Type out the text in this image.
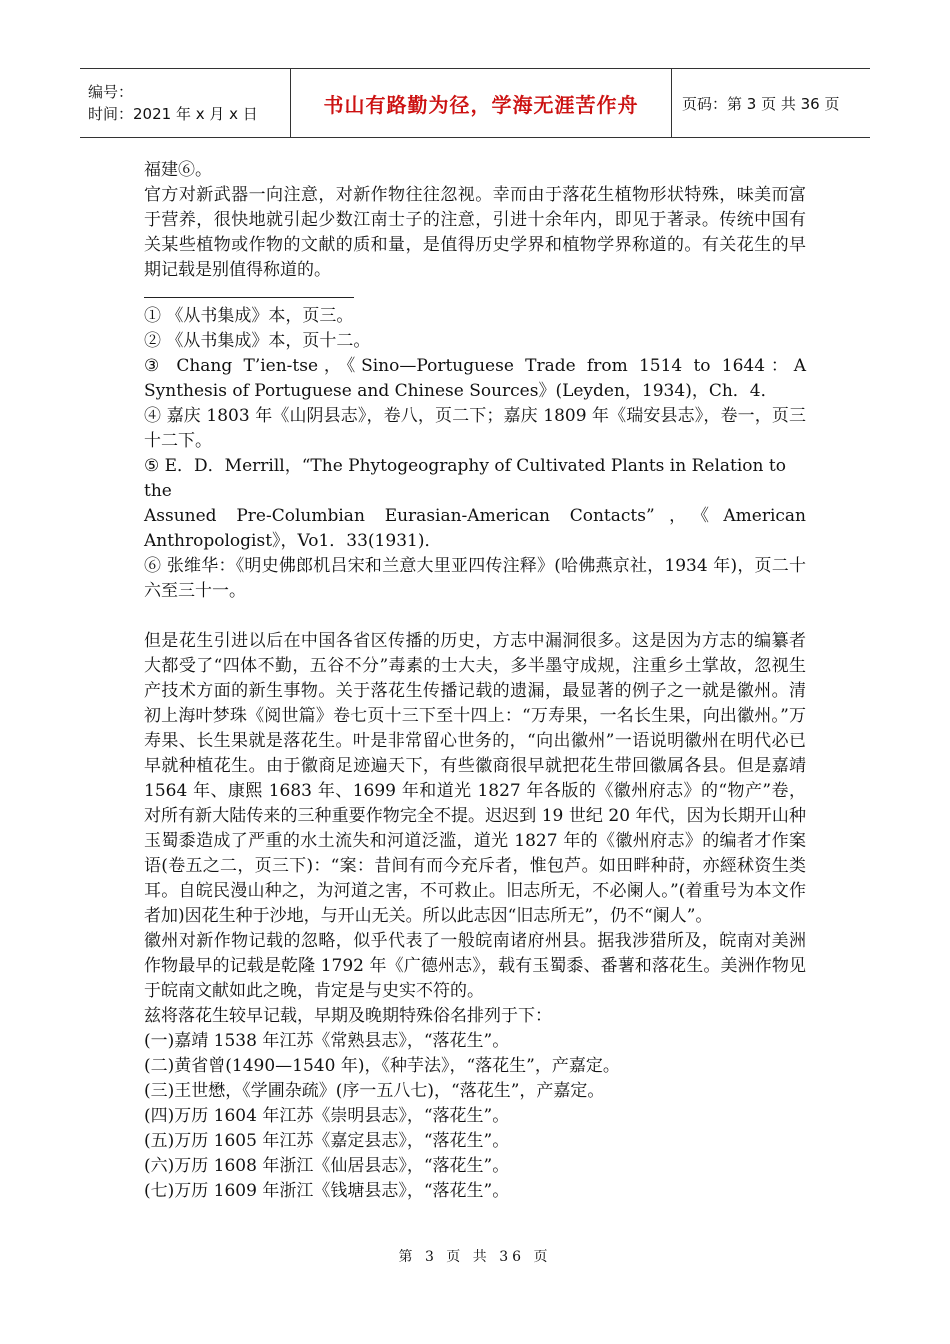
编号：
时间：2021 年 x 月 x 日	书山有路勤为径，学海无涯苦作舟	页码：第 3 页 共 36 页

福建⑥。

官方对新武器一向注意，对新作物往往忽视。幸而由于落花生植物形状特殊，味美而富于营养，很快地就引起少数江南士子的注意，引进十余年内，即见于著录。传统中国有关某些植物或作物的文献的质和量，是值得历史学界和植物学界称道的。有关花生的早期记载是别值得称道的。

① 《从书集成》本，页三。

② 《从书集成》本，页十二。

③ Chang T’ien-tse，《Sino—Portuguese Trade from 1514 to 1644：A Synthesis of Portuguese and Chinese Sources》(Leyden，1934)，Ch．4．

④ 嘉庆 1803 年《山阴县志》，卷八，页二下；嘉庆 1809 年《瑞安县志》，卷一，页三十二下。

⑤ E．D．Merrill，“The Phytogeography of Cultivated Plants in Relation to the

Assuned Pre-Columbian Eurasian-American Contacts”，《American

Anthropologist》，Vo1．33(1931)．

⑥ 张维华：《明史佛郎机吕宋和兰意大里亚四传注释》(哈佛燕京社，1934 年)，页二十六至三十一。

但是花生引进以后在中国各省区传播的历史，方志中漏洞很多。这是因为方志的编纂者大都受了“四体不勤，五谷不分”毒素的士大夫，多半墨守成规，注重乡土掌故，忽视生产技术方面的新生事物。关于落花生传播记载的遗漏，最显著的例子之一就是徽州。清初上海叶梦珠《阅世篇》卷七页十三下至十四上：“万寿果，一名长生果，向出徽州。”万寿果、长生果就是落花生。叶是非常留心世务的，“向出徽州”一语说明徽州在明代必已早就种植花生。由于徽商足迹遍天下，有些徽商很早就把花生带回徽属各县。但是嘉靖 1564 年、康熙 1683 年、1699 年和道光 1827 年各版的《徽州府志》的“物产”卷，对所有新大陆传来的三种重要作物完全不提。迟迟到 19 世纪 20 年代，因为长期开山种玉蜀黍造成了严重的水土流失和河道泛滥，道光 1827 年的《徽州府志》的编者才作案语(卷五之二，页三下)：“案：昔间有而今充斥者，惟包芦。如田畔种莳，亦經秫资生类耳。自皖民漫山种之，为河道之害，不可救止。旧志所无，不必阑人。”(着重号为本文作者加)因花生种于沙地，与开山无关。所以此志因“旧志所无”，仍不“阑人”。

徽州对新作物记载的忽略，似乎代表了一般皖南诸府州县。据我涉猎所及，皖南对美洲作物最早的记载是乾隆 1792 年《广德州志》，载有玉蜀黍、番薯和落花生。美洲作物见于皖南文献如此之晚，肯定是与史实不符的。

兹将落花生较早记载，早期及晚期特殊俗名排列于下：

(一)嘉靖 1538 年江苏《常熟县志》，“落花生”。

(二)黄省曾(1490—1540 年)，《种芋法》，“落花生”，产嘉定。

(三)王世懋，《学圃杂疏》(序一五八七)，“落花生”，产嘉定。

(四)万历 1604 年江苏《崇明县志》，“落花生”。

(五)万历 1605 年江苏《嘉定县志》，“落花生”。

(六)万历 1608 年浙江《仙居县志》，“落花生”。

(七)万历 1609 年浙江《钱塘县志》，“落花生”。

第 3 页 共 36 页
